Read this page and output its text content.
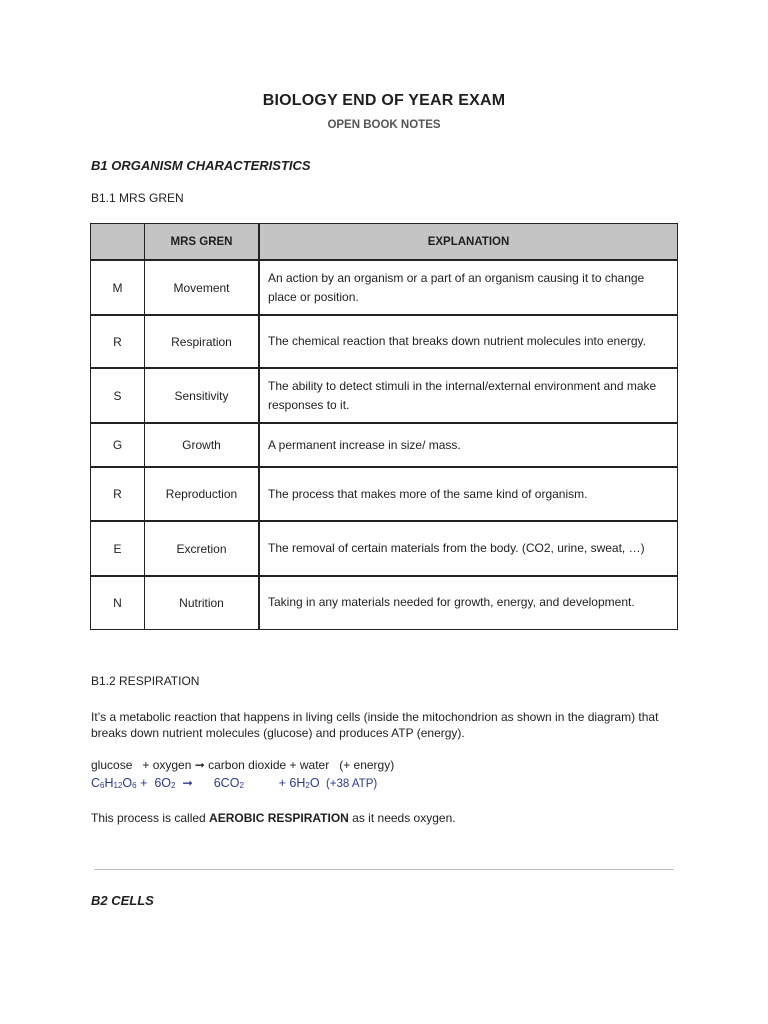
BIOLOGY END OF YEAR EXAM
OPEN BOOK NOTES
B1 ORGANISM CHARACTERISTICS
B1.1 MRS GREN
	MRS GREN	EXPLANATION
M	Movement	An action by an organism or a part of an organism causing it to change place or position.
R	Respiration	The chemical reaction that breaks down nutrient molecules into energy.
S	Sensitivity	The ability to detect stimuli in the internal/external environment and make responses to it.
G	Growth	A permanent increase in size/ mass.
R	Reproduction	The process that makes more of the same kind of organism.
E	Excretion	The removal of certain materials from the body. (CO2, urine, sweat, …)
N	Nutrition	Taking in any materials needed for growth, energy, and development.
B1.2 RESPIRATION
It’s a metabolic reaction that happens in living cells (inside the mitochondrion as shown in the diagram) that breaks down nutrient molecules (glucose) and produces ATP (energy).
glucose   + oxygen ➞ carbon dioxide + water   (+ energy)
$C_6H_{12}O_6 + 6O_2$  ➞      $6CO_2$          + $6H_2O$  (+38 ATP)
This process is called AEROBIC RESPIRATION as it needs oxygen.
B2 CELLS
